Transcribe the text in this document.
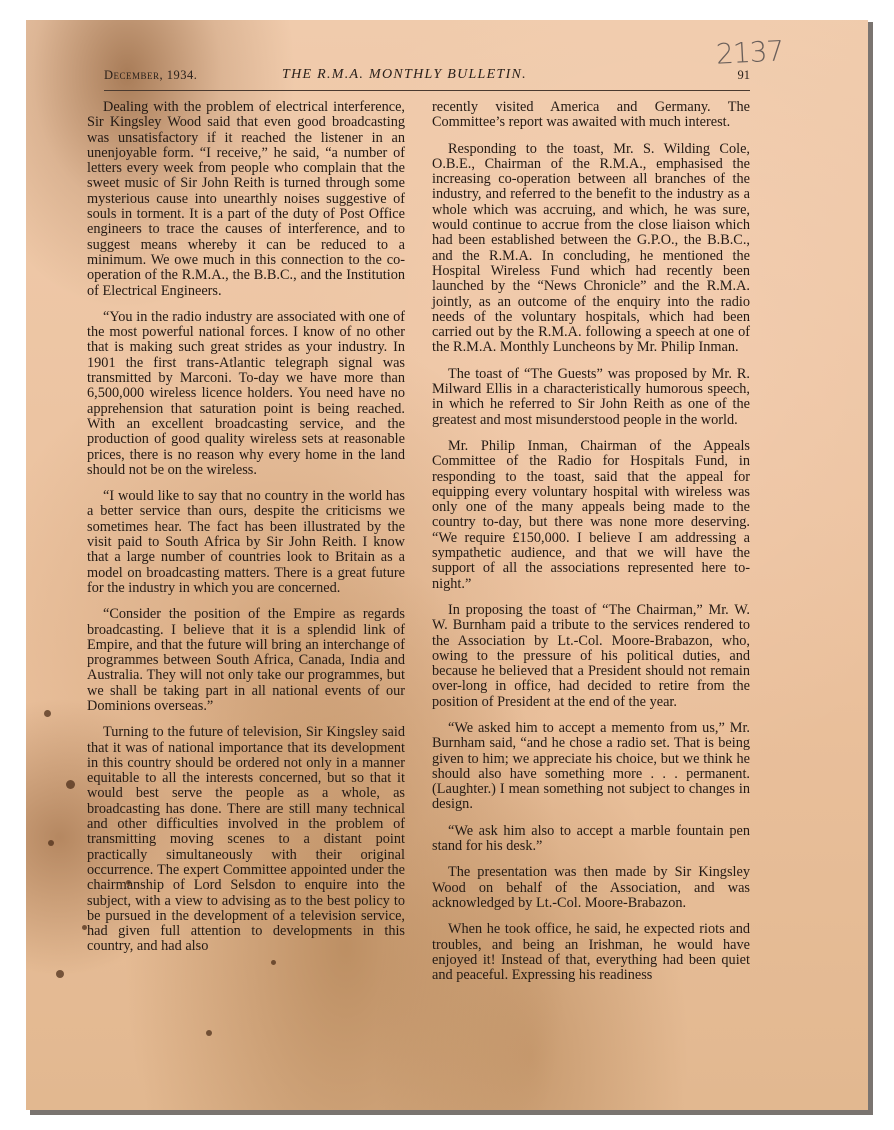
2137
December, 1934.	THE R.M.A. MONTHLY BULLETIN.	91

Dealing with the problem of electrical interference, Sir Kingsley Wood said that even good broadcasting was unsatisfactory if it reached the listener in an unenjoyable form. “I receive,” he said, “a number of letters every week from people who complain that the sweet music of Sir John Reith is turned through some mysterious cause into unearthly noises suggestive of souls in torment. It is a part of the duty of Post Office engineers to trace the causes of interference, and to suggest means whereby it can be reduced to a minimum. We owe much in this connection to the co-operation of the R.M.A., the B.B.C., and the Institution of Electrical Engineers.

“You in the radio industry are associated with one of the most powerful national forces. I know of no other that is making such great strides as your industry. In 1901 the first trans-Atlantic telegraph signal was transmitted by Marconi. To-day we have more than 6,500,000 wireless licence holders. You need have no apprehension that saturation point is being reached. With an excellent broadcasting service, and the production of good quality wireless sets at reasonable prices, there is no reason why every home in the land should not be on the wireless.

“I would like to say that no country in the world has a better service than ours, despite the criticisms we sometimes hear. The fact has been illustrated by the visit paid to South Africa by Sir John Reith. I know that a large number of countries look to Britain as a model on broadcasting matters. There is a great future for the industry in which you are concerned.

“Consider the position of the Empire as regards broadcasting. I believe that it is a splendid link of Empire, and that the future will bring an interchange of programmes between South Africa, Canada, India and Australia. They will not only take our programmes, but we shall be taking part in all national events of our Dominions overseas.”

Turning to the future of television, Sir Kingsley said that it was of national importance that its development in this country should be ordered not only in a manner equitable to all the interests concerned, but so that it would best serve the people as a whole, as broadcasting has done. There are still many technical and other difficulties involved in the problem of transmitting moving scenes to a distant point practically simultaneously with their original occurrence. The expert Committee appointed under the chairmanship of Lord Selsdon to enquire into the subject, with a view to advising as to the best policy to be pursued in the development of a television service, had given full attention to developments in this country, and had also

recently visited America and Germany. The Committee’s report was awaited with much interest.

Responding to the toast, Mr. S. Wilding Cole, O.B.E., Chairman of the R.M.A., emphasised the increasing co-operation between all branches of the industry, and referred to the benefit to the industry as a whole which was accruing, and which, he was sure, would continue to accrue from the close liaison which had been established between the G.P.O., the B.B.C., and the R.M.A. In concluding, he mentioned the Hospital Wireless Fund which had recently been launched by the “News Chronicle” and the R.M.A. jointly, as an outcome of the enquiry into the radio needs of the voluntary hospitals, which had been carried out by the R.M.A. following a speech at one of the R.M.A. Monthly Luncheons by Mr. Philip Inman.

The toast of “The Guests” was proposed by Mr. R. Milward Ellis in a characteristically humorous speech, in which he referred to Sir John Reith as one of the greatest and most misunderstood people in the world.

Mr. Philip Inman, Chairman of the Appeals Committee of the Radio for Hospitals Fund, in responding to the toast, said that the appeal for equipping every voluntary hospital with wireless was only one of the many appeals being made to the country to-day, but there was none more deserving. “We require £150,000. I believe I am addressing a sympathetic audience, and that we will have the support of all the associations represented here to-night.”

In proposing the toast of “The Chairman,” Mr. W. W. Burnham paid a tribute to the services rendered to the Association by Lt.-Col. Moore-Brabazon, who, owing to the pressure of his political duties, and because he believed that a President should not remain over-long in office, had decided to retire from the position of President at the end of the year.

“We asked him to accept a memento from us,” Mr. Burnham said, “and he chose a radio set. That is being given to him; we appreciate his choice, but we think he should also have something more . . . permanent. (Laughter.) I mean something not subject to changes in design.

“We ask him also to accept a marble fountain pen stand for his desk.”

The presentation was then made by Sir Kingsley Wood on behalf of the Association, and was acknowledged by Lt.-Col. Moore-Brabazon.

When he took office, he said, he expected riots and troubles, and being an Irishman, he would have enjoyed it! Instead of that, everything had been quiet and peaceful. Expressing his readiness
